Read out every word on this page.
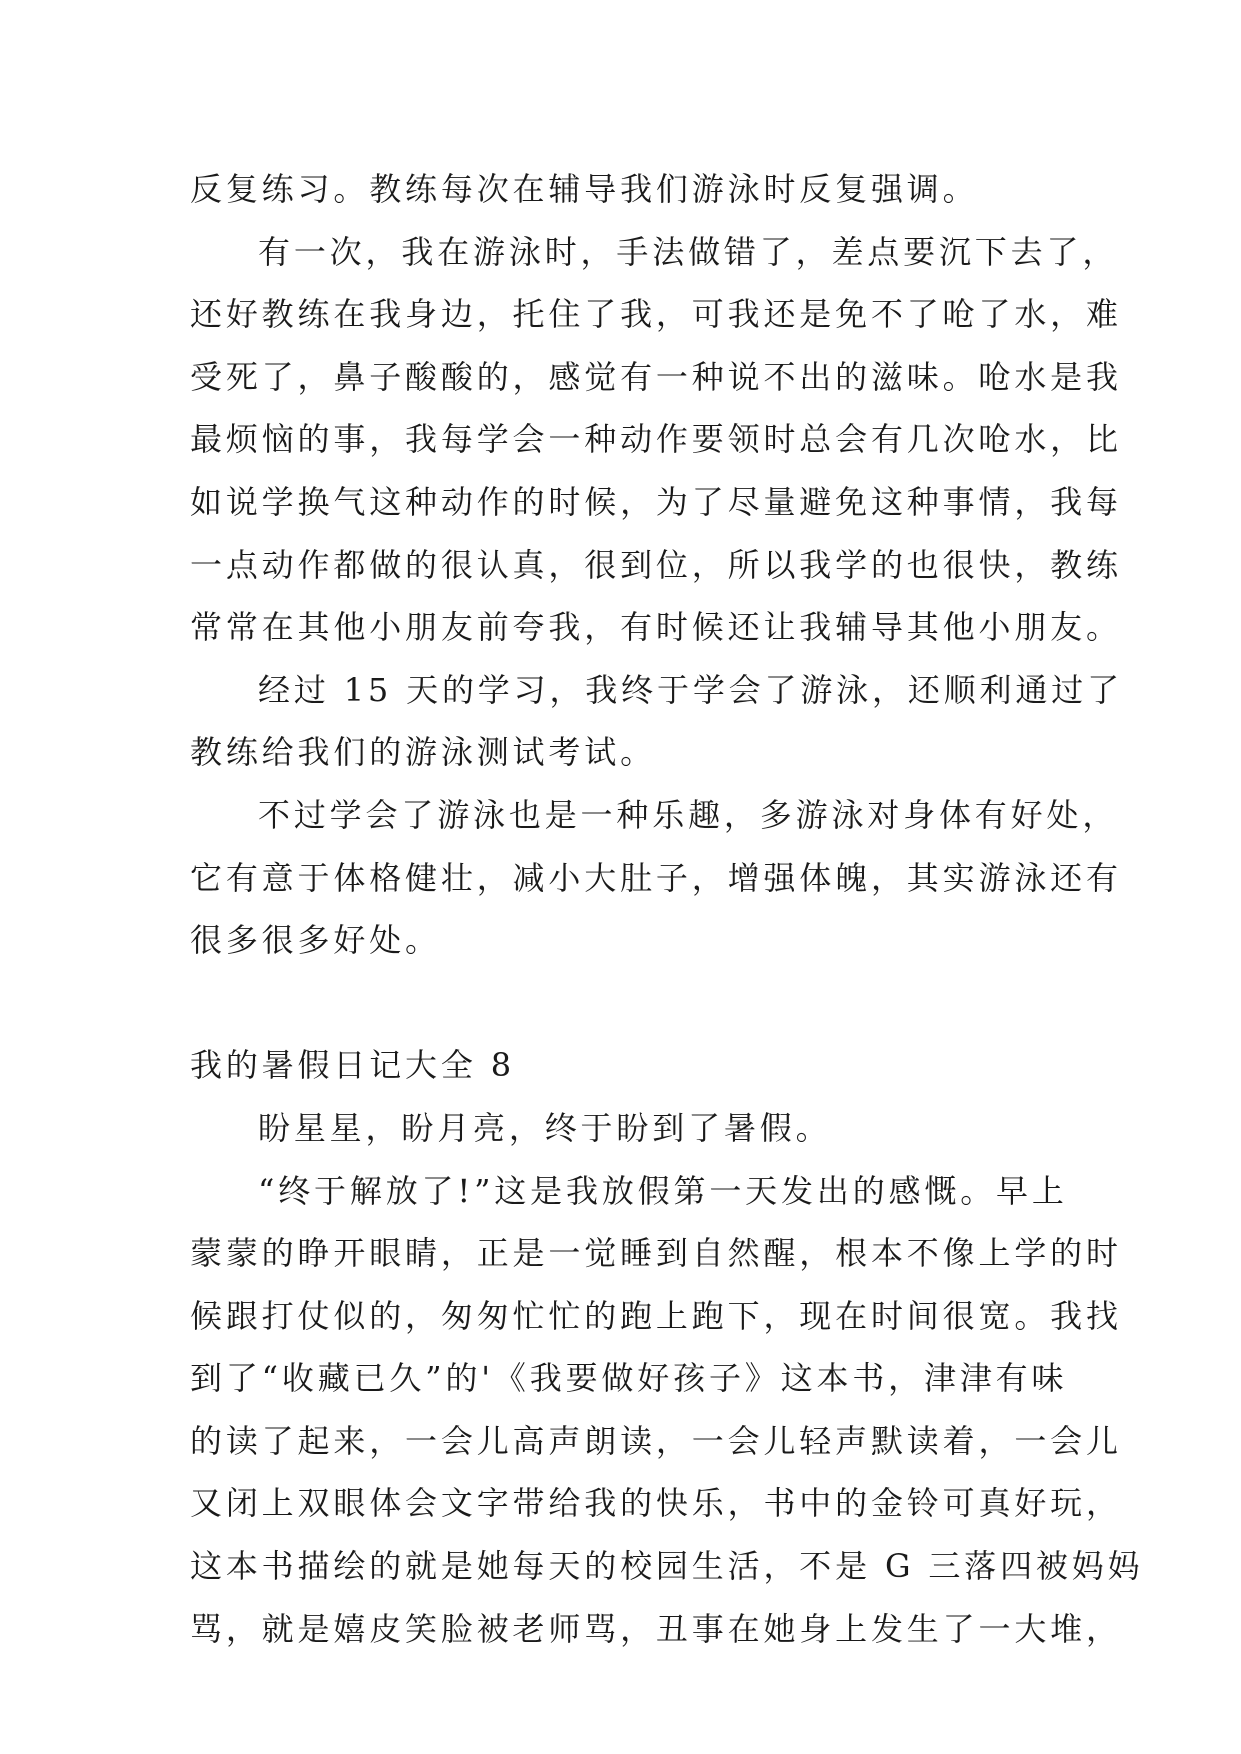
反复练习。教练每次在辅导我们游泳时反复强调。
有一次，我在游泳时，手法做错了，差点要沉下去了，
还好教练在我身边，托住了我，可我还是免不了呛了水，难
受死了，鼻子酸酸的，感觉有一种说不出的滋味。呛水是我
最烦恼的事，我每学会一种动作要领时总会有几次呛水，比
如说学换气这种动作的时候，为了尽量避免这种事情，我每
一点动作都做的很认真，很到位，所以我学的也很快，教练
常常在其他小朋友前夸我，有时候还让我辅导其他小朋友。
经过 15 天的学习，我终于学会了游泳，还顺利通过了
教练给我们的游泳测试考试。
不过学会了游泳也是一种乐趣，多游泳对身体有好处，
它有意于体格健壮，减小大肚子，增强体魄，其实游泳还有
很多很多好处。
我的暑假日记大全 8
盼星星，盼月亮，终于盼到了暑假。
“终于解放了!”这是我放假第一天发出的感慨。早上
蒙蒙的睁开眼睛，正是一觉睡到自然醒，根本不像上学的时
候跟打仗似的，匆匆忙忙的跑上跑下，现在时间很宽。我找
到了“收藏已久”的'《我要做好孩子》这本书，津津有味
的读了起来，一会儿高声朗读，一会儿轻声默读着，一会儿
又闭上双眼体会文字带给我的快乐，书中的金铃可真好玩，
这本书描绘的就是她每天的校园生活，不是 G 三落四被妈妈
骂，就是嬉皮笑脸被老师骂，丑事在她身上发生了一大堆，
